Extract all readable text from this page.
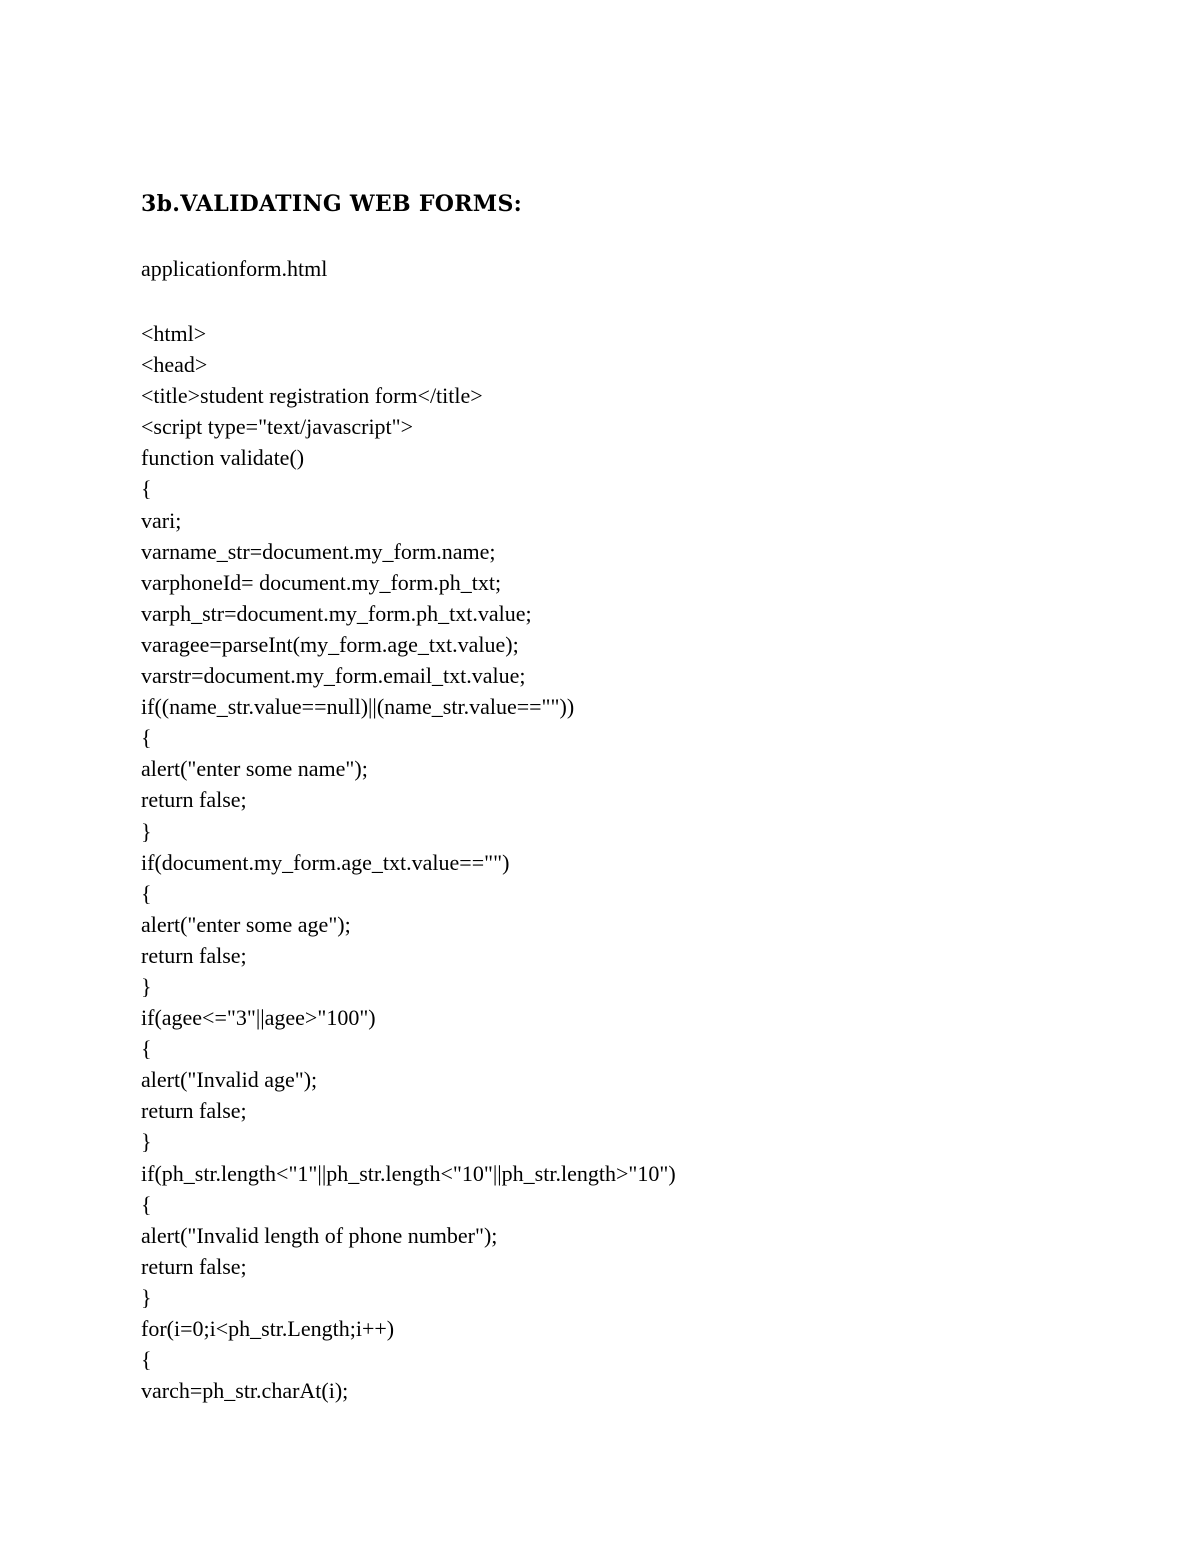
3b.VALIDATING WEB FORMS:
applicationform.html
<html>
<head>
<title>student registration form</title>
<script type="text/javascript">
function validate()
{
vari;
varname_str=document.my_form.name;
varphoneId= document.my_form.ph_txt;
varph_str=document.my_form.ph_txt.value;
varagee=parseInt(my_form.age_txt.value);
varstr=document.my_form.email_txt.value;
if((name_str.value==null)||(name_str.value==""))
{
alert("enter some name");
return false;
}
if(document.my_form.age_txt.value=="")
{
alert("enter some age");
return false;
}
if(agee<="3"||agee>"100")
{
alert("Invalid age");
return false;
}
if(ph_str.length<"1"||ph_str.length<"10"||ph_str.length>"10")
{
alert("Invalid length of phone number");
return false;
}
for(i=0;i<ph_str.Length;i++)
{
varch=ph_str.charAt(i);
